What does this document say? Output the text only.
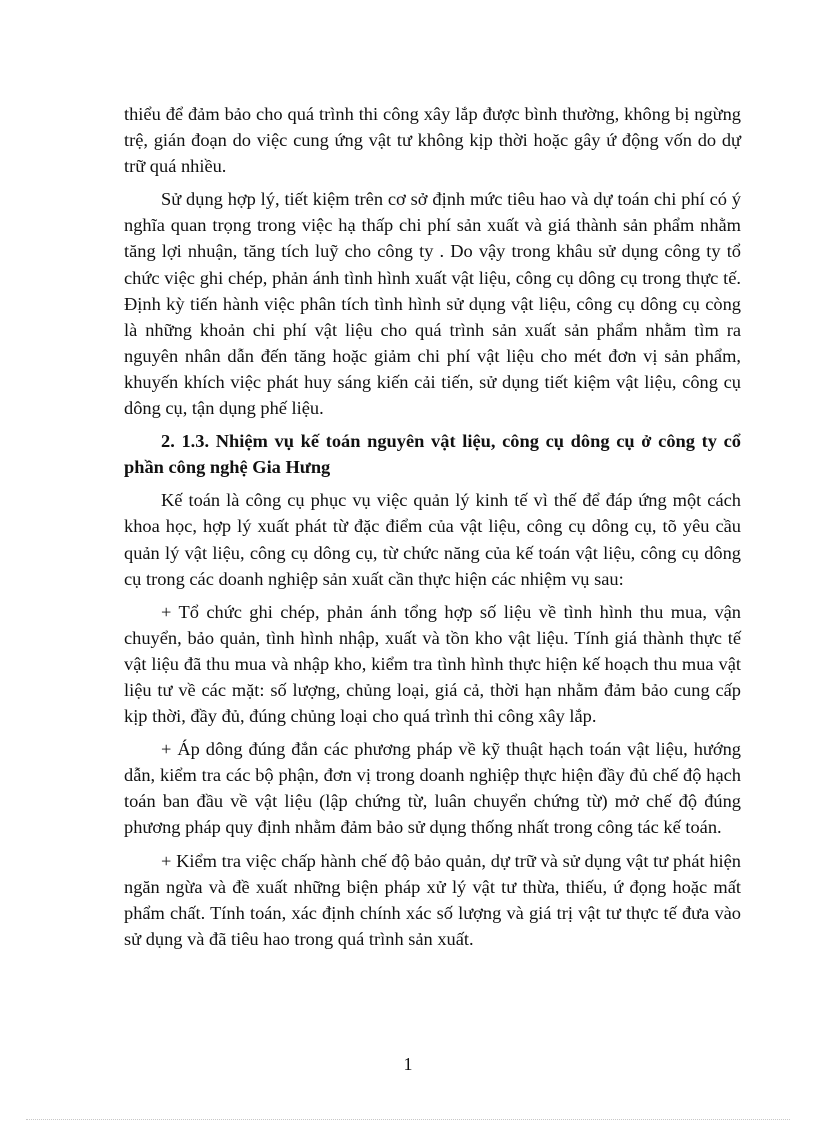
thiểu để đảm bảo cho quá trình thi công xây lắp được bình thường, không bị ngừng trệ, gián đoạn do việc cung ứng vật tư không kịp thời hoặc gây ứ động vốn do dự trữ quá nhiều.

Sử dụng hợp lý, tiết kiệm trên cơ sở định mức tiêu hao và dự toán chi phí có ý nghĩa quan trọng trong việc hạ thấp chi phí sản xuất và giá thành sản phẩm nhằm tăng lợi nhuận, tăng tích luỹ cho công ty . Do vậy trong khâu sử dụng công ty tổ chức việc ghi chép, phản ánh tình hình xuất vật liệu, công cụ dông cụ trong thực tế. Định kỳ tiến hành việc phân tích tình hình sử dụng vật liệu, công cụ dông cụ còng là những khoản chi phí vật liệu cho quá trình sản xuất sản phẩm nhằm tìm ra nguyên nhân dẫn đến tăng hoặc giảm chi phí vật liệu cho mét đơn vị sản phẩm, khuyến khích việc phát huy sáng kiến cải tiến, sử dụng tiết kiệm vật liệu, công cụ dông cụ, tận dụng phế liệu.

2. 1.3. Nhiệm vụ kế toán nguyên vật liệu, công cụ dông cụ ở công ty cổ phần công nghệ Gia Hưng

Kế toán là công cụ phục vụ việc quản lý kinh tế vì thế để đáp ứng một cách khoa học, hợp lý xuất phát từ đặc điểm của vật liệu, công cụ dông cụ, tõ yêu cầu quản lý vật liệu, công cụ dông cụ, từ chức năng của kế toán vật liệu, công cụ dông cụ trong các doanh nghiệp sản xuất cần thực hiện các nhiệm vụ sau:

+ Tổ chức ghi chép, phản ánh tổng hợp số liệu về tình hình thu mua, vận chuyển, bảo quản, tình hình nhập, xuất và tồn kho vật liệu. Tính giá thành thực tế vật liệu đã thu mua và nhập kho, kiểm tra tình hình thực hiện kế hoạch thu mua vật liệu tư về các mặt: số lượng, chủng loại, giá cả, thời hạn nhằm đảm bảo cung cấp kịp thời, đầy đủ, đúng chủng loại cho quá trình thi công xây lắp.

+ Áp dông đúng đắn các phương pháp về kỹ thuật hạch toán vật liệu, hướng dẫn, kiểm tra các bộ phận, đơn vị trong doanh nghiệp thực hiện đầy đủ chế độ hạch toán ban đầu về vật liệu (lập chứng từ, luân chuyển chứng từ) mở chế độ đúng phương pháp quy định nhằm đảm bảo sử dụng thống nhất trong công tác kế toán.

+ Kiểm tra việc chấp hành chế độ bảo quản, dự trữ và sử dụng vật tư phát hiện ngăn ngừa và đề xuất những biện pháp xử lý vật tư thừa, thiếu, ứ đọng hoặc mất phẩm chất. Tính toán, xác định chính xác số lượng và giá trị vật tư thực tế đưa vào sử dụng và đã tiêu hao trong quá trình sản xuất.

1
